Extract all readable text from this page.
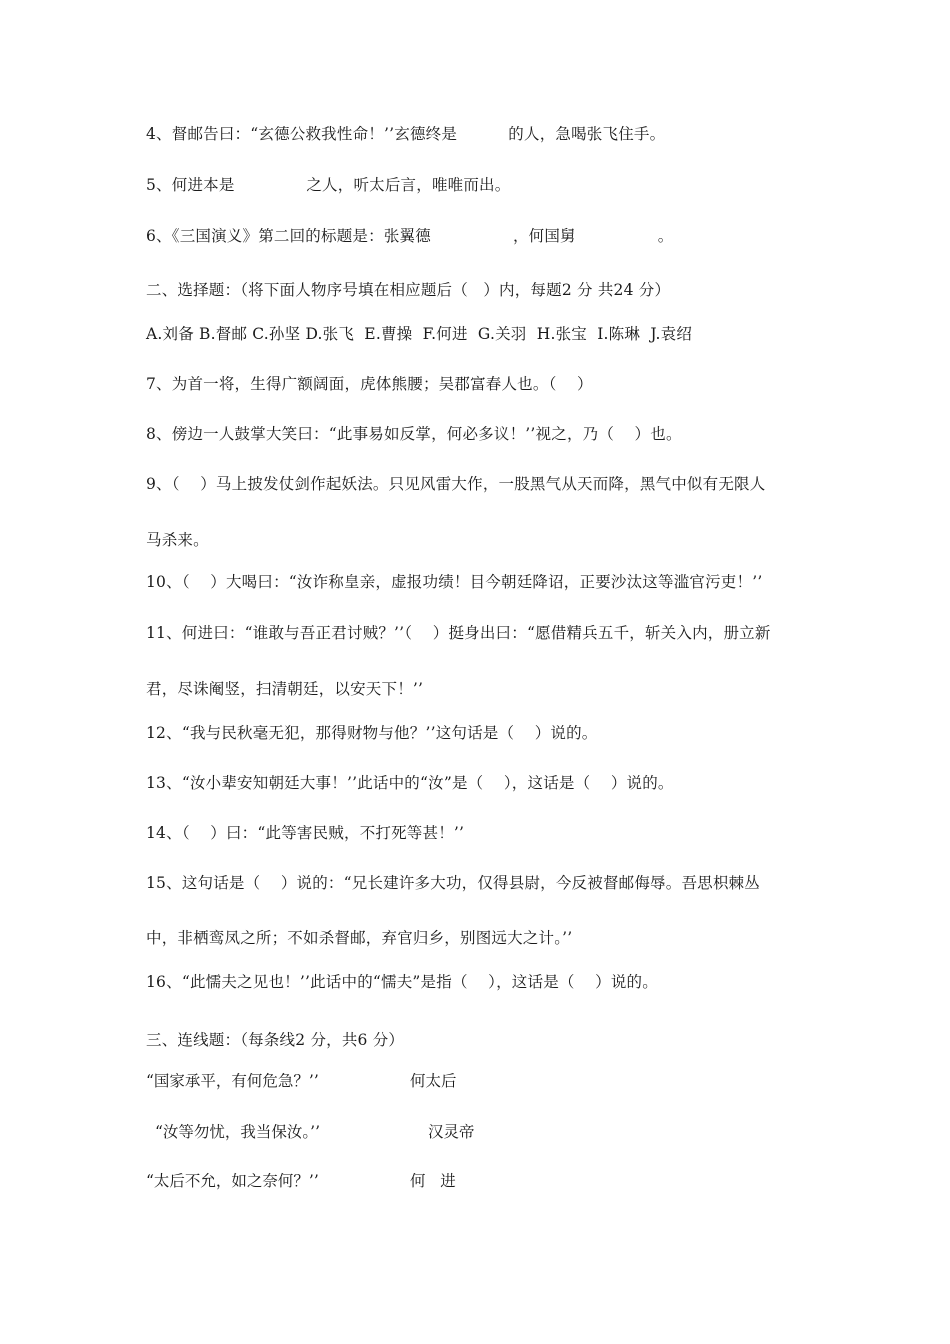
4、督邮告曰：“玄德公救我性命！’’玄德终是          的人，急喝张飞住手。
5、何进本是              之人，听太后言，唯唯而出。
6、《三国演义》第二回的标题是：张翼德                ，何国舅                。
二、选择题：（将下面人物序号填在相应题后（   ）内，每题2 分 共24 分）
A.刘备 B.督邮 C.孙坚 D.张飞  E.曹操  F.何进  G.关羽  H.张宝  I.陈琳  J.袁绍
7、为首一将，生得广额阔面，虎体熊腰；吴郡富春人也。（    ）
8、傍边一人鼓掌大笑曰：“此事易如反掌，何必多议！’’视之，乃（    ）也。
9、（    ）马上披发仗剑作起妖法。只见风雷大作，一股黑气从天而降，黑气中似有无限人
马杀来。
10、（    ）大喝曰：“汝诈称皇亲，虚报功绩！目今朝廷降诏，正要沙汰这等滥官污吏！’’
11、何进曰：“谁敢与吾正君讨贼？’’（    ）挺身出曰：“愿借精兵五千，斩关入内，册立新
君，尽诛阉竖，扫清朝廷，以安天下！’’
12、“我与民秋毫无犯，那得财物与他？’’这句话是（    ）说的。
13、“汝小辈安知朝廷大事！’’此话中的“汝”是（    ），这话是（    ）说的。
14、（    ）曰：“此等害民贼，不打死等甚！’’
15、这句话是（    ）说的：“兄长建许多大功，仅得县尉，今反被督邮侮辱。吾思枳棘丛
中，非栖鸾凤之所；不如杀督邮，弃官归乡，别图远大之计。’’
16、“此懦夫之见也！’’此话中的“懦夫”是指（    ），这话是（    ）说的。
三、连线题：（每条线2 分，共6 分）
“国家承平，有何危急？’’	何太后
“汝等勿忧，我当保汝。’’	汉灵帝
“太后不允，如之奈何？’’	何   进
